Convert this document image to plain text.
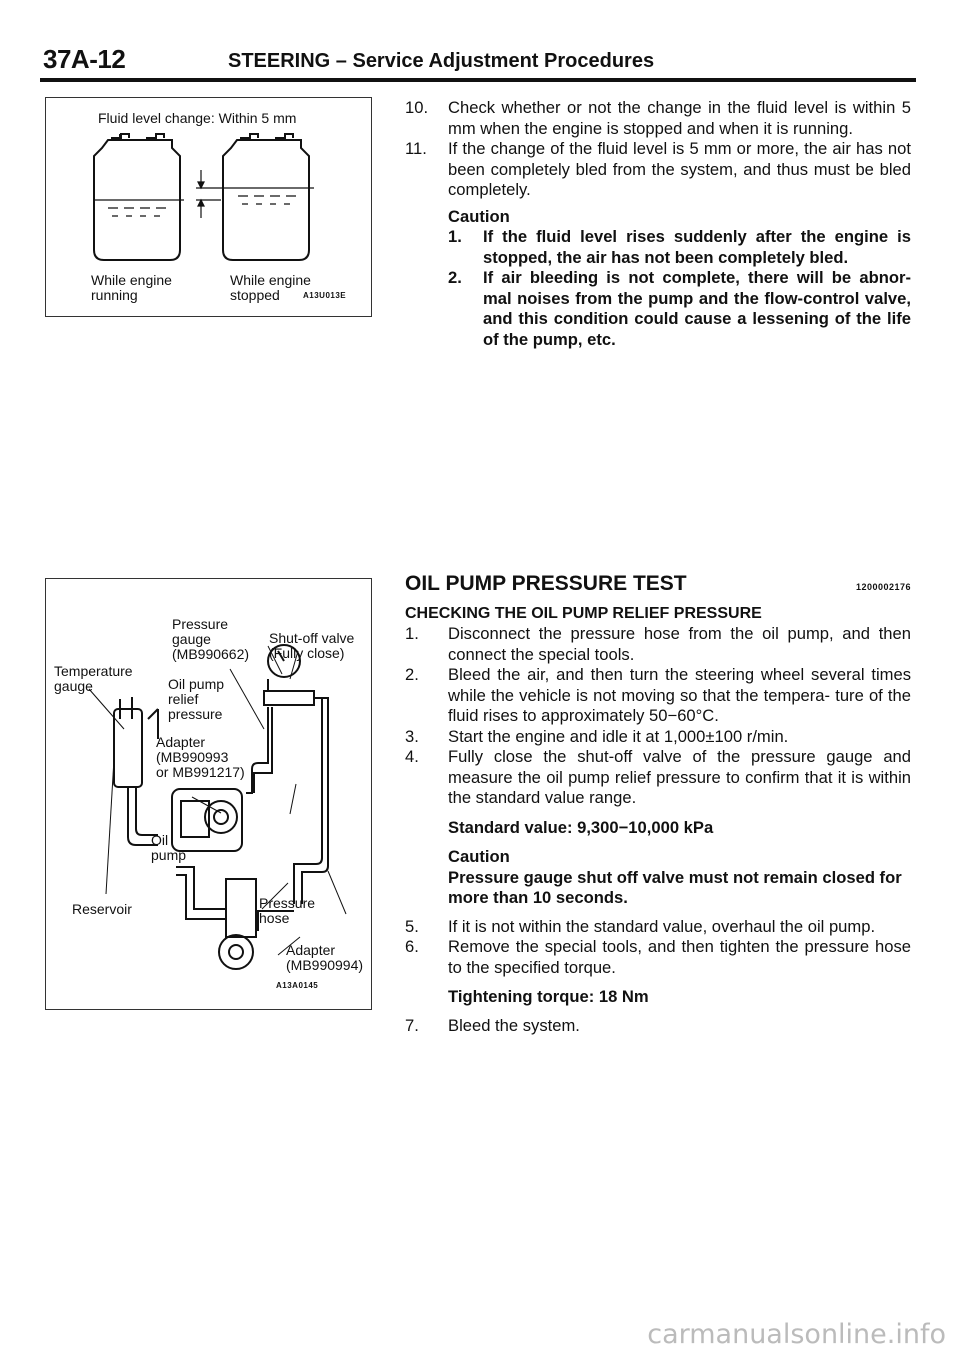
37A-12	STEERING – Service Adjustment Procedures
Fluid level change: Within 5 mm
While engine
running
While engine
stopped	A13U013E

10. Check whether or not the change in the fluid level is within 5 mm when the engine is stopped and when it is running.

11. If the change of the fluid level is 5 mm or more, the air has not been completely bled from the system, and thus must be bled completely.

Caution
1. If the fluid level rises suddenly after the engine is stopped, the air has not been completely bled.
2. If air bleeding is not complete, there will be abnor- mal noises from the pump and the flow-control valve, and this condition could cause a lessening of the life of the pump, etc.
Pressure
gauge
(MB990662)
Shut-off valve
(Fully close)
Temperature
gauge	Oil pump
relief
pressure
Adapter
(MB990993
or MB991217)
Oil
pump
Reservoir	Pressure
hose
Adapter
(MB990994)
A13A0145
OIL PUMP PRESSURE TEST	1200002176
CHECKING THE OIL PUMP RELIEF PRESSURE

1. Disconnect the pressure hose from the oil pump, and then connect the special tools.

2. Bleed the air, and then turn the steering wheel several times while the vehicle is not moving so that the tempera- ture of the fluid rises to approximately 50−60°C.

3. Start the engine and idle it at 1,000±100 r/min.

4. Fully close the shut-off valve of the pressure gauge and measure the oil pump relief pressure to confirm that it is within the standard value range.

Standard value: 9,300−10,000 kPa
Caution
Pressure gauge shut off valve must not remain closed for more than 10 seconds.

5. If it is not within the standard value, overhaul the oil pump.

6. Remove the special tools, and then tighten the pressure hose to the specified torque.

Tightening torque: 18 Nm

7. Bleed the system.

carmanualsonline.info
